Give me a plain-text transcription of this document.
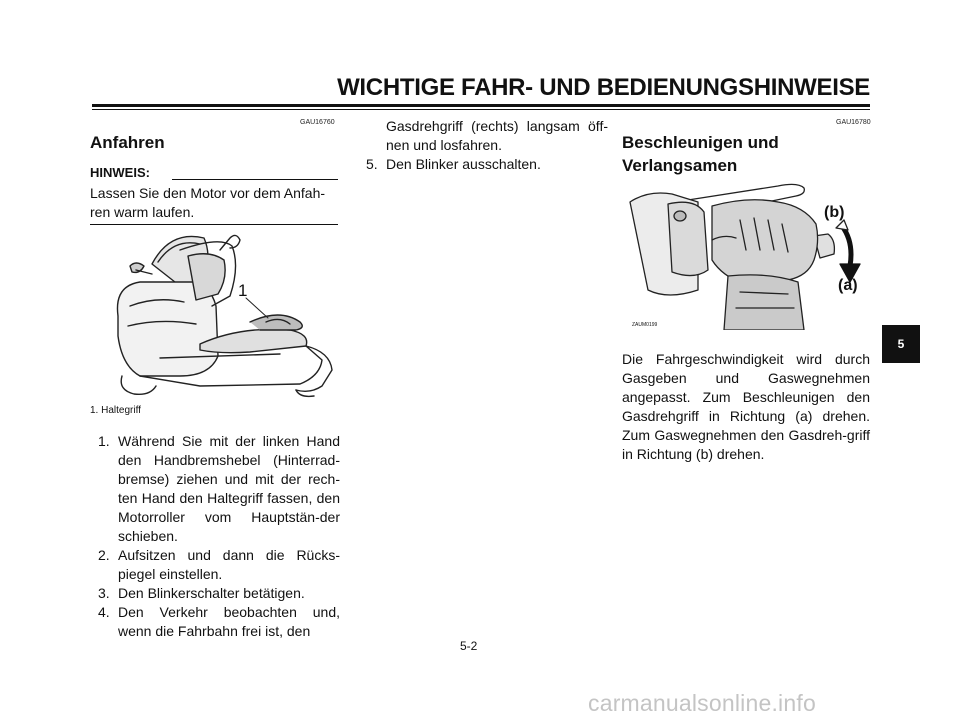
WICHTIGE FAHR- UND BEDIENUNGSHINWEISE
GAU16760
Anfahren
HINWEIS:
Lassen Sie den Motor vor dem Anfah-ren warm laufen.
1
1. Haltegriff
1. Während Sie mit der linken Hand den Handbremshebel (Hinterrad-bremse) ziehen und mit der rech-ten Hand den Haltegriff fassen, den Motorroller vom Hauptstän-der schieben.
2. Aufsitzen und dann die Rücks-piegel einstellen.
3. Den Blinkerschalter betätigen.
4. Den Verkehr beobachten und, wenn die Fahrbahn frei ist, den
Gasdrehgriff (rechts) langsam öff-nen und losfahren.
5. Den Blinker ausschalten.
GAU16780
Beschleunigen und Verlangsamen
(b)
(a)
ZAUM0199
Die Fahrgeschwindigkeit wird durch Gasgeben und Gaswegnehmen angepasst. Zum Beschleunigen den Gasdrehgriff in Richtung (a) drehen. Zum Gaswegnehmen den Gasdreh-griff in Richtung (b) drehen.
5
5-2
carmanualsonline.info
